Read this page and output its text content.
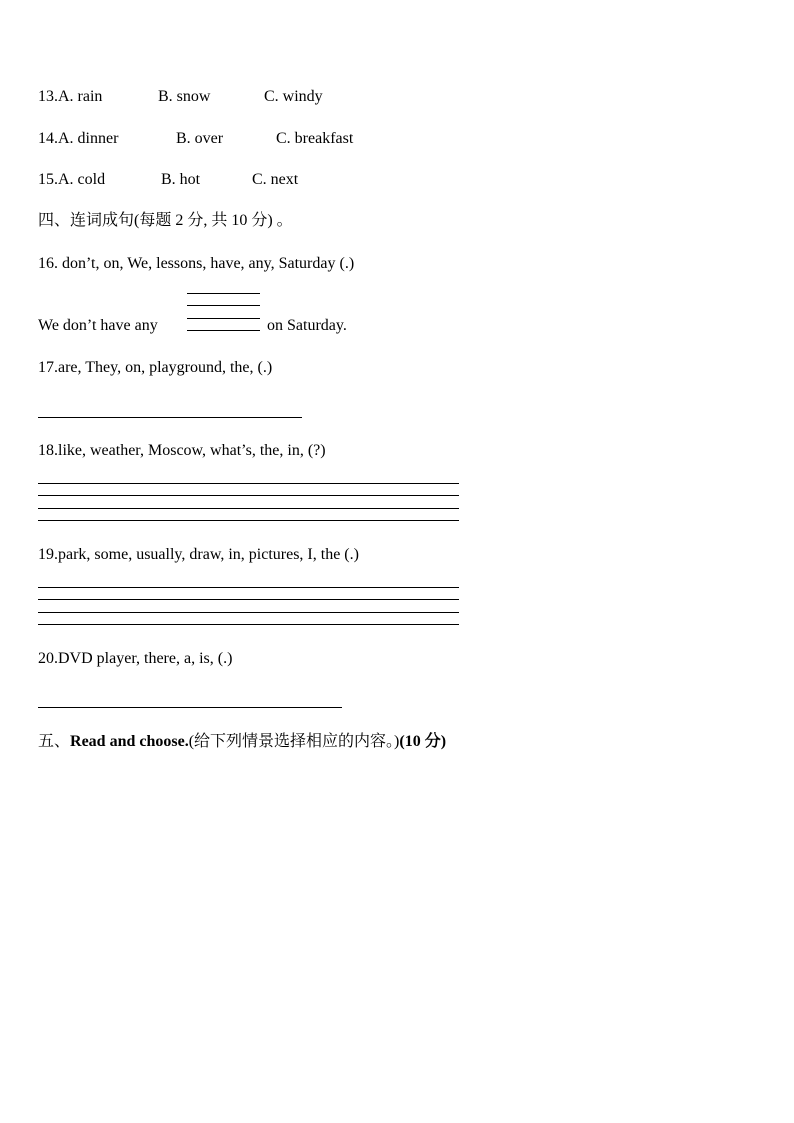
13.A. rain	B. snow	C. windy
14.A. dinner	B. over	C. breakfast
15.A. cold	B. hot	C. next
四、连词成句(每题 2 分, 共 10 分) 。
16. don’t, on, We, lessons, have, any, Saturday (.)
We don’t have any	on Saturday.
17.are, They, on, playground, the, (.)
18.like, weather, Moscow, what’s, the, in, (?)
19.park, some, usually, draw, in, pictures, I, the (.)
20.DVD player, there, a, is, (.)
五、Read and choose.(给下列情景选择相应的内容。)(10 分)
